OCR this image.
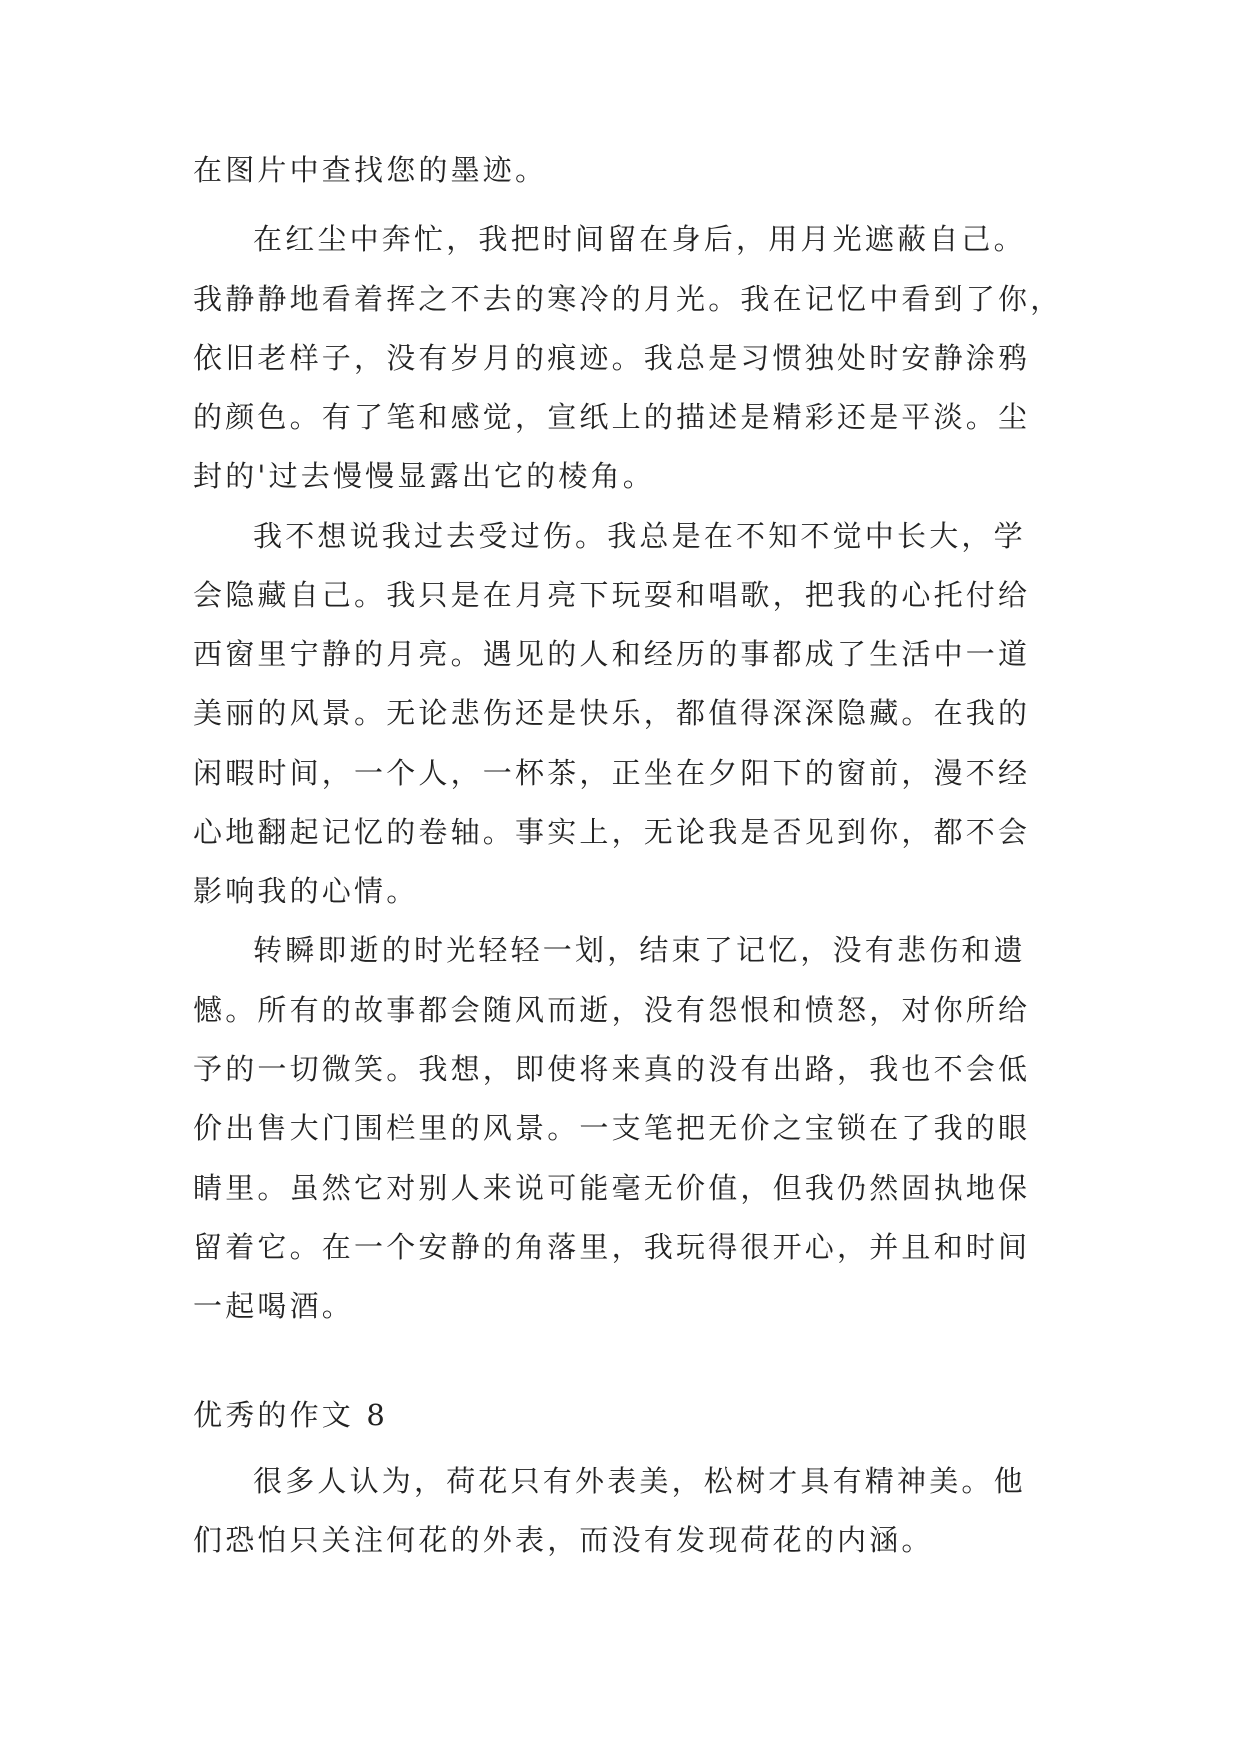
在图片中查找您的墨迹。

在红尘中奔忙，我把时间留在身后，用月光遮蔽自己。

我静静地看着挥之不去的寒冷的月光。我在记忆中看到了你，

依旧老样子，没有岁月的痕迹。我总是习惯独处时安静涂鸦

的颜色。有了笔和感觉，宣纸上的描述是精彩还是平淡。尘

封的'过去慢慢显露出它的棱角。

我不想说我过去受过伤。我总是在不知不觉中长大，学

会隐藏自己。我只是在月亮下玩耍和唱歌，把我的心托付给

西窗里宁静的月亮。遇见的人和经历的事都成了生活中一道

美丽的风景。无论悲伤还是快乐，都值得深深隐藏。在我的

闲暇时间，一个人，一杯茶，正坐在夕阳下的窗前，漫不经

心地翻起记忆的卷轴。事实上，无论我是否见到你，都不会

影响我的心情。

转瞬即逝的时光轻轻一划，结束了记忆，没有悲伤和遗

憾。所有的故事都会随风而逝，没有怨恨和愤怒，对你所给

予的一切微笑。我想，即使将来真的没有出路，我也不会低

价出售大门围栏里的风景。一支笔把无价之宝锁在了我的眼

睛里。虽然它对别人来说可能毫无价值，但我仍然固执地保

留着它。在一个安静的角落里，我玩得很开心，并且和时间

一起喝酒。

优秀的作文 8

很多人认为，荷花只有外表美，松树才具有精神美。他

们恐怕只关注何花的外表，而没有发现荷花的内涵。
